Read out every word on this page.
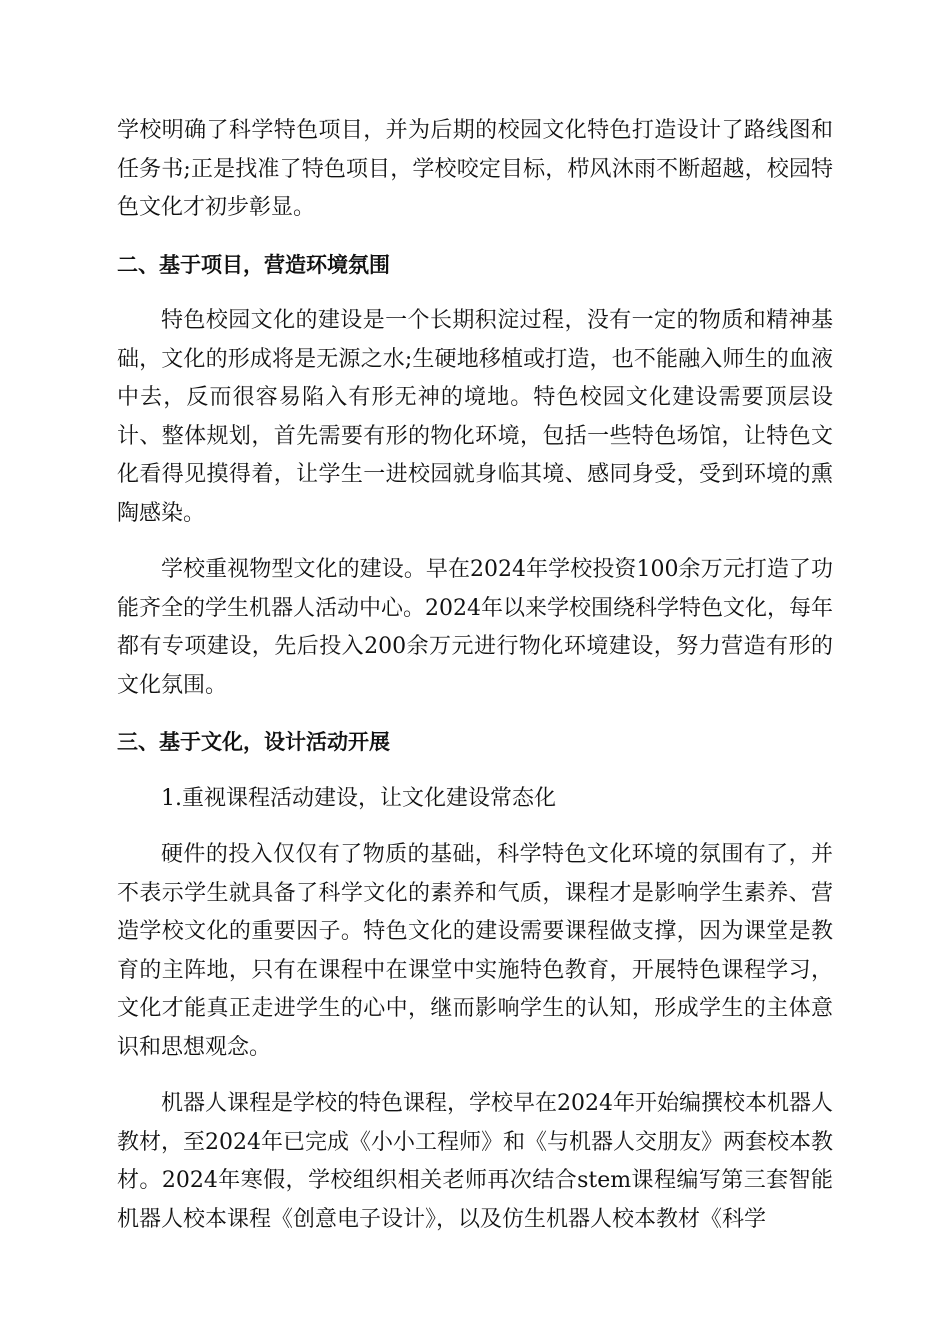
学校明确了科学特色项目，并为后期的校园文化特色打造设计了路线图和任务书;正是找准了特色项目，学校咬定目标，栉风沐雨不断超越，校园特色文化才初步彰显。

二、基于项目，营造环境氛围

特色校园文化的建设是一个长期积淀过程，没有一定的物质和精神基础，文化的形成将是无源之水;生硬地移植或打造，也不能融入师生的血液中去，反而很容易陷入有形无神的境地。特色校园文化建设需要顶层设计、整体规划，首先需要有形的物化环境，包括一些特色场馆，让特色文化看得见摸得着，让学生一进校园就身临其境、感同身受，受到环境的熏陶感染。

学校重视物型文化的建设。早在2024年学校投资100余万元打造了功能齐全的学生机器人活动中心。2024年以来学校围绕科学特色文化，每年都有专项建设，先后投入200余万元进行物化环境建设，努力营造有形的文化氛围。

三、基于文化，设计活动开展
1.重视课程活动建设，让文化建设常态化

硬件的投入仅仅有了物质的基础，科学特色文化环境的氛围有了，并不表示学生就具备了科学文化的素养和气质，课程才是影响学生素养、营造学校文化的重要因子。特色文化的建设需要课程做支撑，因为课堂是教育的主阵地，只有在课程中在课堂中实施特色教育，开展特色课程学习，文化才能真正走进学生的心中，继而影响学生的认知，形成学生的主体意识和思想观念。

机器人课程是学校的特色课程，学校早在2024年开始编撰校本机器人教材，至2024年已完成《小小工程师》和《与机器人交朋友》两套校本教材。2024年寒假，学校组织相关老师再次结合stem课程编写第三套智能机器人校本课程《创意电子设计》，以及仿生机器人校本教材《科学
